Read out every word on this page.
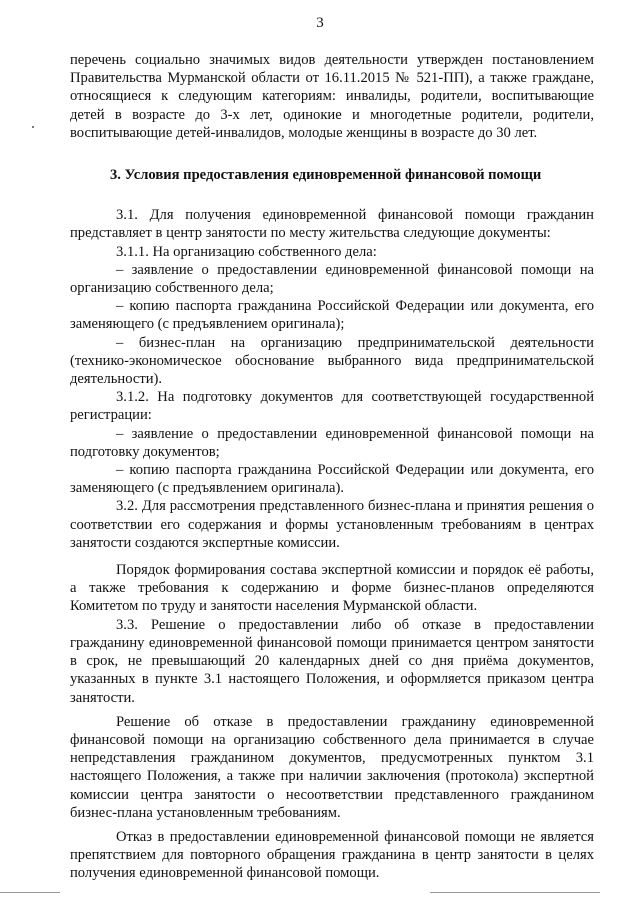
3

перечень социально значимых видов деятельности утвержден постановлением Правительства Мурманской области от 16.11.2015 № 521-ПП), а также граждане, относящиеся к следующим категориям: инвалиды, родители, воспитывающие детей в возрасте до 3-х лет, одинокие и многодетные родители, родители, воспитывающие детей-инвалидов, молодые женщины в возрасте до 30 лет.

3. Условия предоставления единовременной финансовой помощи

3.1. Для получения единовременной финансовой помощи гражданин представляет в центр занятости по месту жительства следующие документы:

3.1.1. На организацию собственного дела:

– заявление о предоставлении единовременной финансовой помощи на организацию собственного дела;

– копию паспорта гражданина Российской Федерации или документа, его заменяющего (с предъявлением оригинала);

– бизнес-план на организацию предпринимательской деятельности (технико-экономическое обоснование выбранного вида предпринимательской деятельности).

3.1.2. На подготовку документов для соответствующей государственной регистрации:

– заявление о предоставлении единовременной финансовой помощи на подготовку документов;

– копию паспорта гражданина Российской Федерации или документа, его заменяющего (с предъявлением оригинала).

3.2. Для рассмотрения представленного бизнес-плана и принятия решения о соответствии его содержания и формы установленным требованиям в центрах занятости создаются экспертные комиссии.

Порядок формирования состава экспертной комиссии и порядок её работы, а также требования к содержанию и форме бизнес-планов определяются Комитетом по труду и занятости населения Мурманской области.

3.3. Решение о предоставлении либо об отказе в предоставлении гражданину единовременной финансовой помощи принимается центром занятости в срок, не превышающий 20 календарных дней со дня приёма документов, указанных в пункте 3.1 настоящего Положения, и оформляется приказом центра занятости.

Решение об отказе в предоставлении гражданину единовременной финансовой помощи на организацию собственного дела принимается в случае непредставления гражданином документов, предусмотренных пунктом 3.1 настоящего Положения, а также при наличии заключения (протокола) экспертной комиссии центра занятости о несоответствии представленного гражданином бизнес-плана установленным требованиям.

Отказ в предоставлении единовременной финансовой помощи не является препятствием для повторного обращения гражданина в центр занятости в целях получения единовременной финансовой помощи.
